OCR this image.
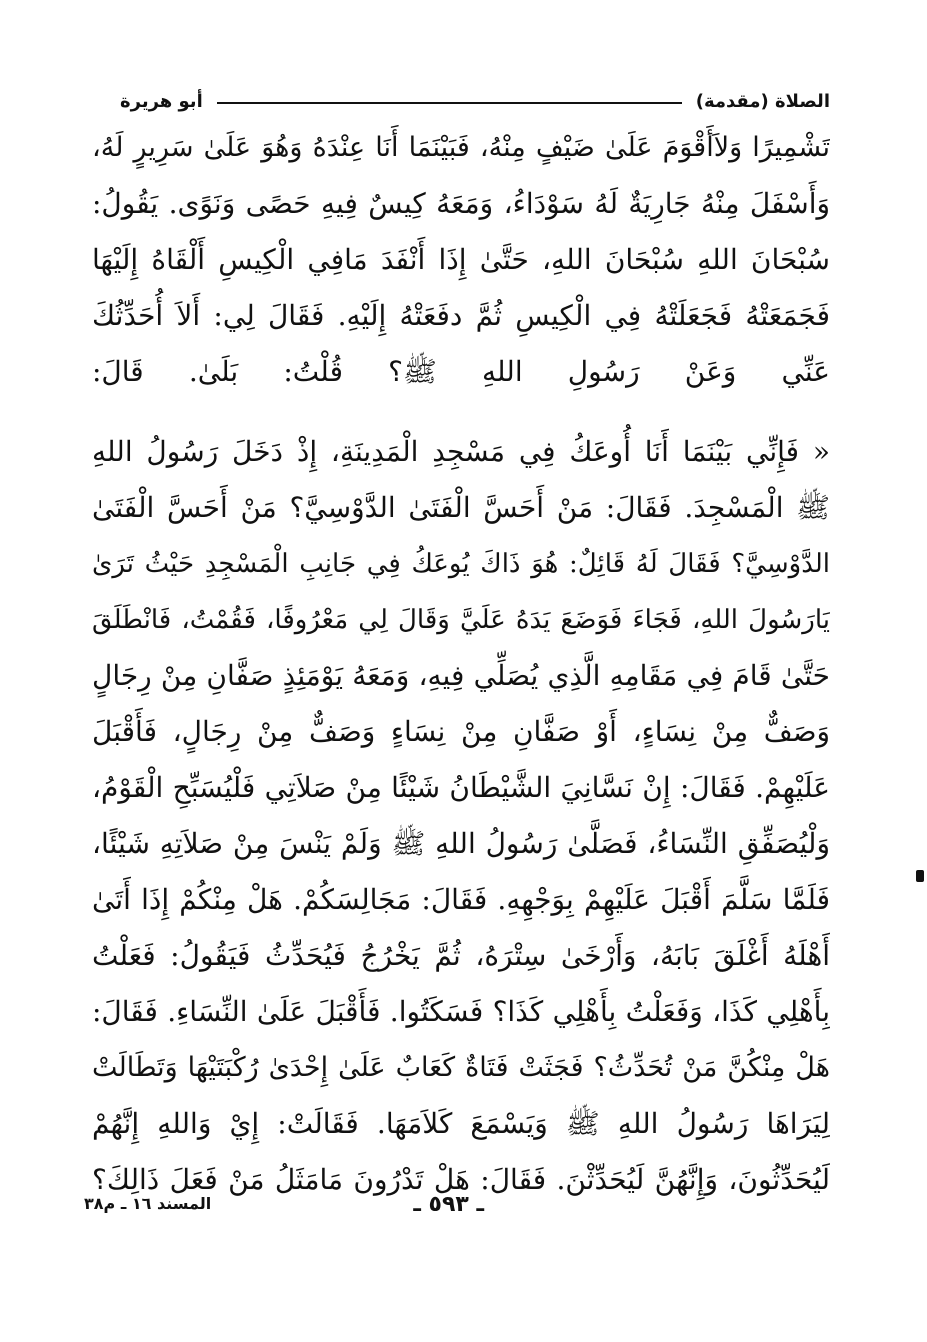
الصلاة (مقدمة)
أبو هريرة
تَشْمِيرًا وَلاَأَقْوَمَ عَلَىٰ ضَيْفٍ مِنْهُ، فَبَيْنَمَا أَنَا عِنْدَهُ وَهُوَ عَلَىٰ سَرِيرٍ لَهُ،
وَأَسْفَلَ مِنْهُ جَارِيَةٌ لَهُ سَوْدَاءُ، وَمَعَهُ كِيسٌ فِيهِ حَصًى وَنَوًى. يَقُولُ:
سُبْحَانَ اللهِ سُبْحَانَ اللهِ، حَتَّىٰ إِذَا أَنْفَدَ مَافِي الْكِيسِ أَلْقَاهُ إِلَيْهَا
فَجَمَعَتْهُ فَجَعَلَتْهُ فِي الْكِيسِ ثُمَّ دفَعَتْهُ إِلَيْهِ. فَقَالَ لِي: أَلاَ أُحَدِّثُكَ
عَنِّي وَعَنْ رَسُولِ اللهِ ﷺ؟ قُلْتُ: بَلَىٰ. قَالَ:
« فَإِنِّي بَيْنَمَا أَنَا أُوعَكُ فِي مَسْجِدِ الْمَدِينَةِ، إِذْ دَخَلَ رَسُولُ اللهِ
ﷺ الْمَسْجِدَ. فَقَالَ: مَنْ أَحَسَّ الْفَتَىٰ الدَّوْسِيَّ؟ مَنْ أَحَسَّ الْفَتَىٰ
الدَّوْسِيَّ؟ فَقَالَ لَهُ قَائِلٌ: هُوَ ذَاكَ يُوعَكُ فِي جَانِبِ الْمَسْجِدِ حَيْثُ تَرَىٰ
يَارَسُولَ اللهِ، فَجَاءَ فَوَضَعَ يَدَهُ عَلَيَّ وَقَالَ لِي مَعْرُوفًا، فَقُمْتُ، فَانْطَلَقَ
حَتَّىٰ قَامَ فِي مَقَامِهِ الَّذِي يُصَلِّي فِيهِ، وَمَعَهُ يَوْمَئِذٍ صَفَّانِ مِنْ رِجَالٍ
وَصَفٌّ مِنْ نِسَاءٍ، أَوْ صَفَّانِ مِنْ نِسَاءٍ وَصَفٌّ مِنْ رِجَالٍ، فَأَقْبَلَ
عَلَيْهِمْ. فَقَالَ: إِنْ نَسَّانِيَ الشَّيْطَانُ شَيْئًا مِنْ صَلاَتِي فَلْيُسَبِّحِ الْقَوْمُ،
وَلْيُصَفِّقِ النِّسَاءُ، فَصَلَّىٰ رَسُولُ اللهِ ﷺ وَلَمْ يَنْسَ مِنْ صَلاَتِهِ شَيْئًا،
فَلَمَّا سَلَّمَ أَقْبَلَ عَلَيْهِمْ بِوَجْهِهِ. فَقَالَ: مَجَالِسَكُمْ. هَلْ مِنْكُمْ إِذَا أَتَىٰ
أَهْلَهُ أَغْلَقَ بَابَهُ، وَأَرْخَىٰ سِتْرَهُ، ثُمَّ يَخْرُجُ فَيُحَدِّثُ فَيَقُولُ: فَعَلْتُ
بِأَهْلِي كَذَا، وَفَعَلْتُ بِأَهْلِي كَذَا؟ فَسَكَتُوا. فَأَقْبَلَ عَلَىٰ النِّسَاءِ. فَقَالَ:
هَلْ مِنْكُنَّ مَنْ تُحَدِّثُ؟ فَجَثَتْ فَتَاةٌ كَعَابٌ عَلَىٰ إِحْدَىٰ رُكْبَتَيْهَا وَتَطَالَتْ
لِيَرَاهَا رَسُولُ اللهِ ﷺ وَيَسْمَعَ كَلاَمَهَا. فَقَالَتْ: إِيْ وَاللهِ إِنَّهُمْ
لَيُحَدِّثُونَ، وَإِنَّهُنَّ لَيُحَدِّثْنَ. فَقَالَ: هَلْ تَدْرُونَ مَامَثَلُ مَنْ فَعَلَ ذَالِكَ؟
ـ ٥٩٣ ـ
المسند ١٦ ـ م٣٨
